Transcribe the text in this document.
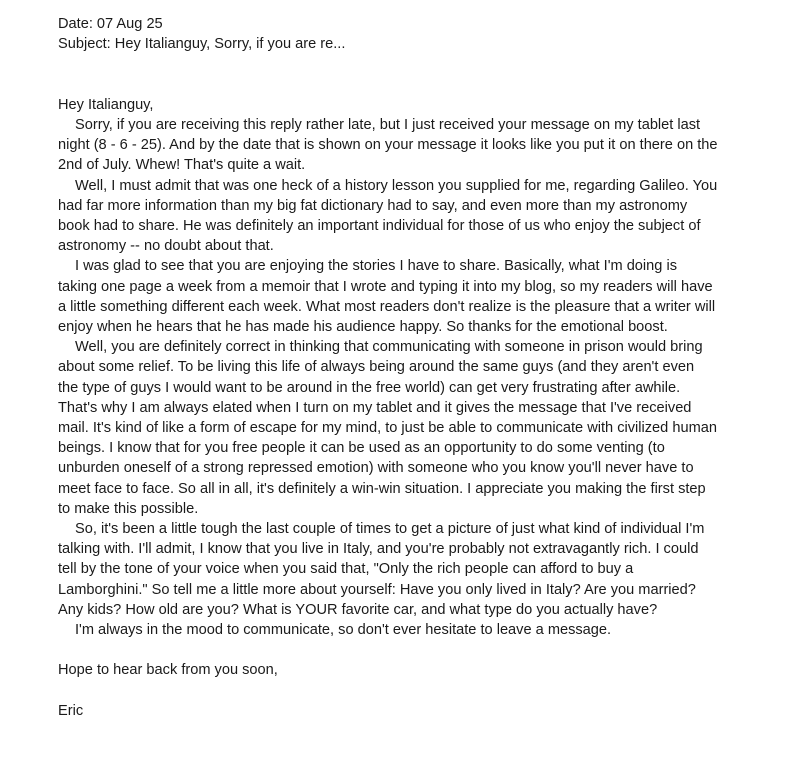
Date: 07 Aug 25
Subject: Hey Italianguy, Sorry, if you are re...
Hey Italianguy,

Sorry, if you are receiving this reply rather late, but I just received your message on my tablet last night (8 - 6 - 25). And by the date that is shown on your message it looks like you put it on there on the 2nd of July. Whew! That's quite a wait.

Well, I must admit that was one heck of a history lesson you supplied for me, regarding Galileo. You had far more information than my big fat dictionary had to say, and even more than my astronomy book had to share. He was definitely an important individual for those of us who enjoy the subject of astronomy -- no doubt about that.

I was glad to see that you are enjoying the stories I have to share. Basically, what I'm doing is taking one page a week from a memoir that I wrote and typing it into my blog, so my readers will have a little something different each week. What most readers don't realize is the pleasure that a writer will enjoy when he hears that he has made his audience happy. So thanks for the emotional boost.

Well, you are definitely correct in thinking that communicating with someone in prison would bring about some relief. To be living this life of always being around the same guys (and they aren't even the type of guys I would want to be around in the free world) can get very frustrating after awhile. That's why I am always elated when I turn on my tablet and it gives the message that I've received mail. It's kind of like a form of escape for my mind, to just be able to communicate with civilized human beings. I know that for you free people it can be used as an opportunity to do some venting (to unburden oneself of a strong repressed emotion) with someone who you know you'll never have to meet face to face. So all in all, it's definitely a win-win situation. I appreciate you making the first step to make this possible.

So, it's been a little tough the last couple of times to get a picture of just what kind of individual I'm talking with. I'll admit, I know that you live in Italy, and you're probably not extravagantly rich. I could tell by the tone of your voice when you said that, "Only the rich people can afford to buy a Lamborghini." So tell me a little more about yourself: Have you only lived in Italy? Are you married? Any kids? How old are you? What is YOUR favorite car, and what type do you actually have?

I'm always in the mood to communicate, so don't ever hesitate to leave a message.

Hope to hear back from you soon,
Eric
